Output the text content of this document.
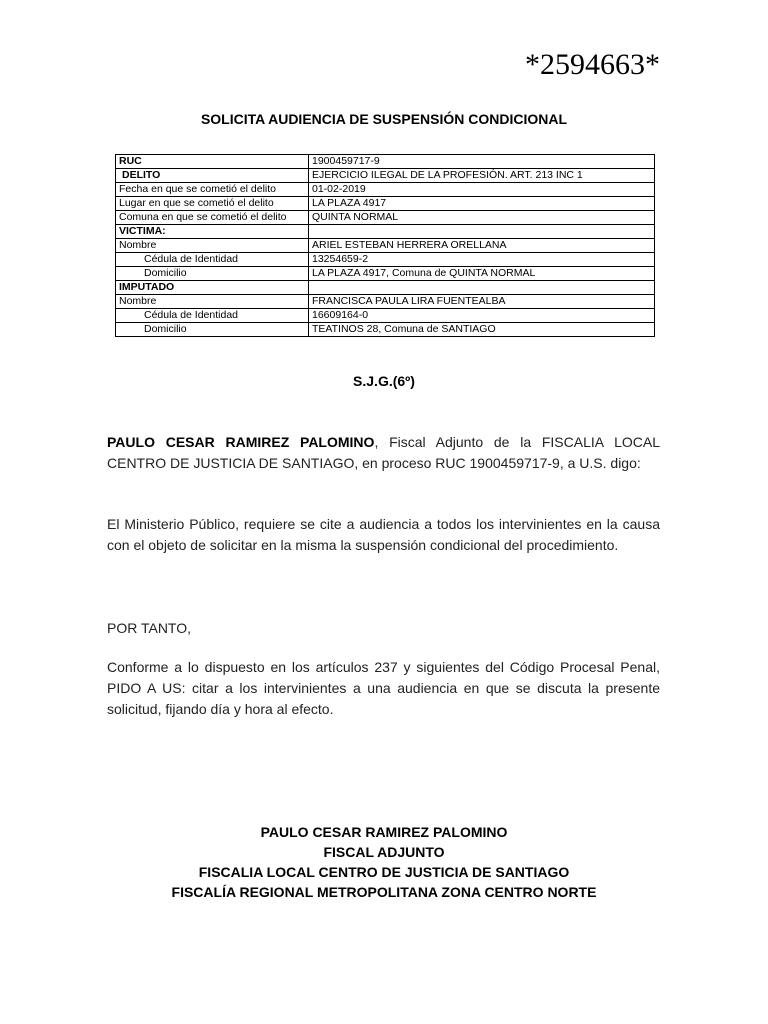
*2594663*
SOLICITA AUDIENCIA DE SUSPENSIÓN CONDICIONAL
RUC	1900459717-9
DELITO	EJERCICIO ILEGAL DE LA PROFESIÓN. ART. 213 INC 1
Fecha en que se cometió el delito	01-02-2019
Lugar en que se cometió el delito	LA PLAZA 4917
Comuna en que se cometió el delito	QUINTA NORMAL
VICTIMA:	
Nombre	ARIEL ESTEBAN HERRERA ORELLANA
Cédula de Identidad	13254659-2
Domicilio	LA PLAZA 4917, Comuna de QUINTA NORMAL
IMPUTADO	
Nombre	FRANCISCA PAULA LIRA FUENTEALBA
Cédula de Identidad	16609164-0
Domicilio	TEATINOS 28, Comuna de SANTIAGO
S.J.G.(6º)
PAULO CESAR RAMIREZ PALOMINO, Fiscal Adjunto de la FISCALIA LOCAL CENTRO DE JUSTICIA DE SANTIAGO, en proceso RUC 1900459717-9, a U.S. digo:
El Ministerio Público, requiere se cite a audiencia a todos los intervinientes en la causa con el objeto de solicitar en la misma la suspensión condicional del procedimiento.
POR TANTO,
Conforme a lo dispuesto en los artículos 237 y siguientes del Código Procesal Penal, PIDO A US: citar a los intervinientes a una audiencia en que se discuta la presente solicitud, fijando día y hora al efecto.
PAULO CESAR RAMIREZ PALOMINO
FISCAL ADJUNTO
FISCALIA LOCAL CENTRO DE JUSTICIA DE SANTIAGO
FISCALÍA REGIONAL METROPOLITANA ZONA CENTRO NORTE
